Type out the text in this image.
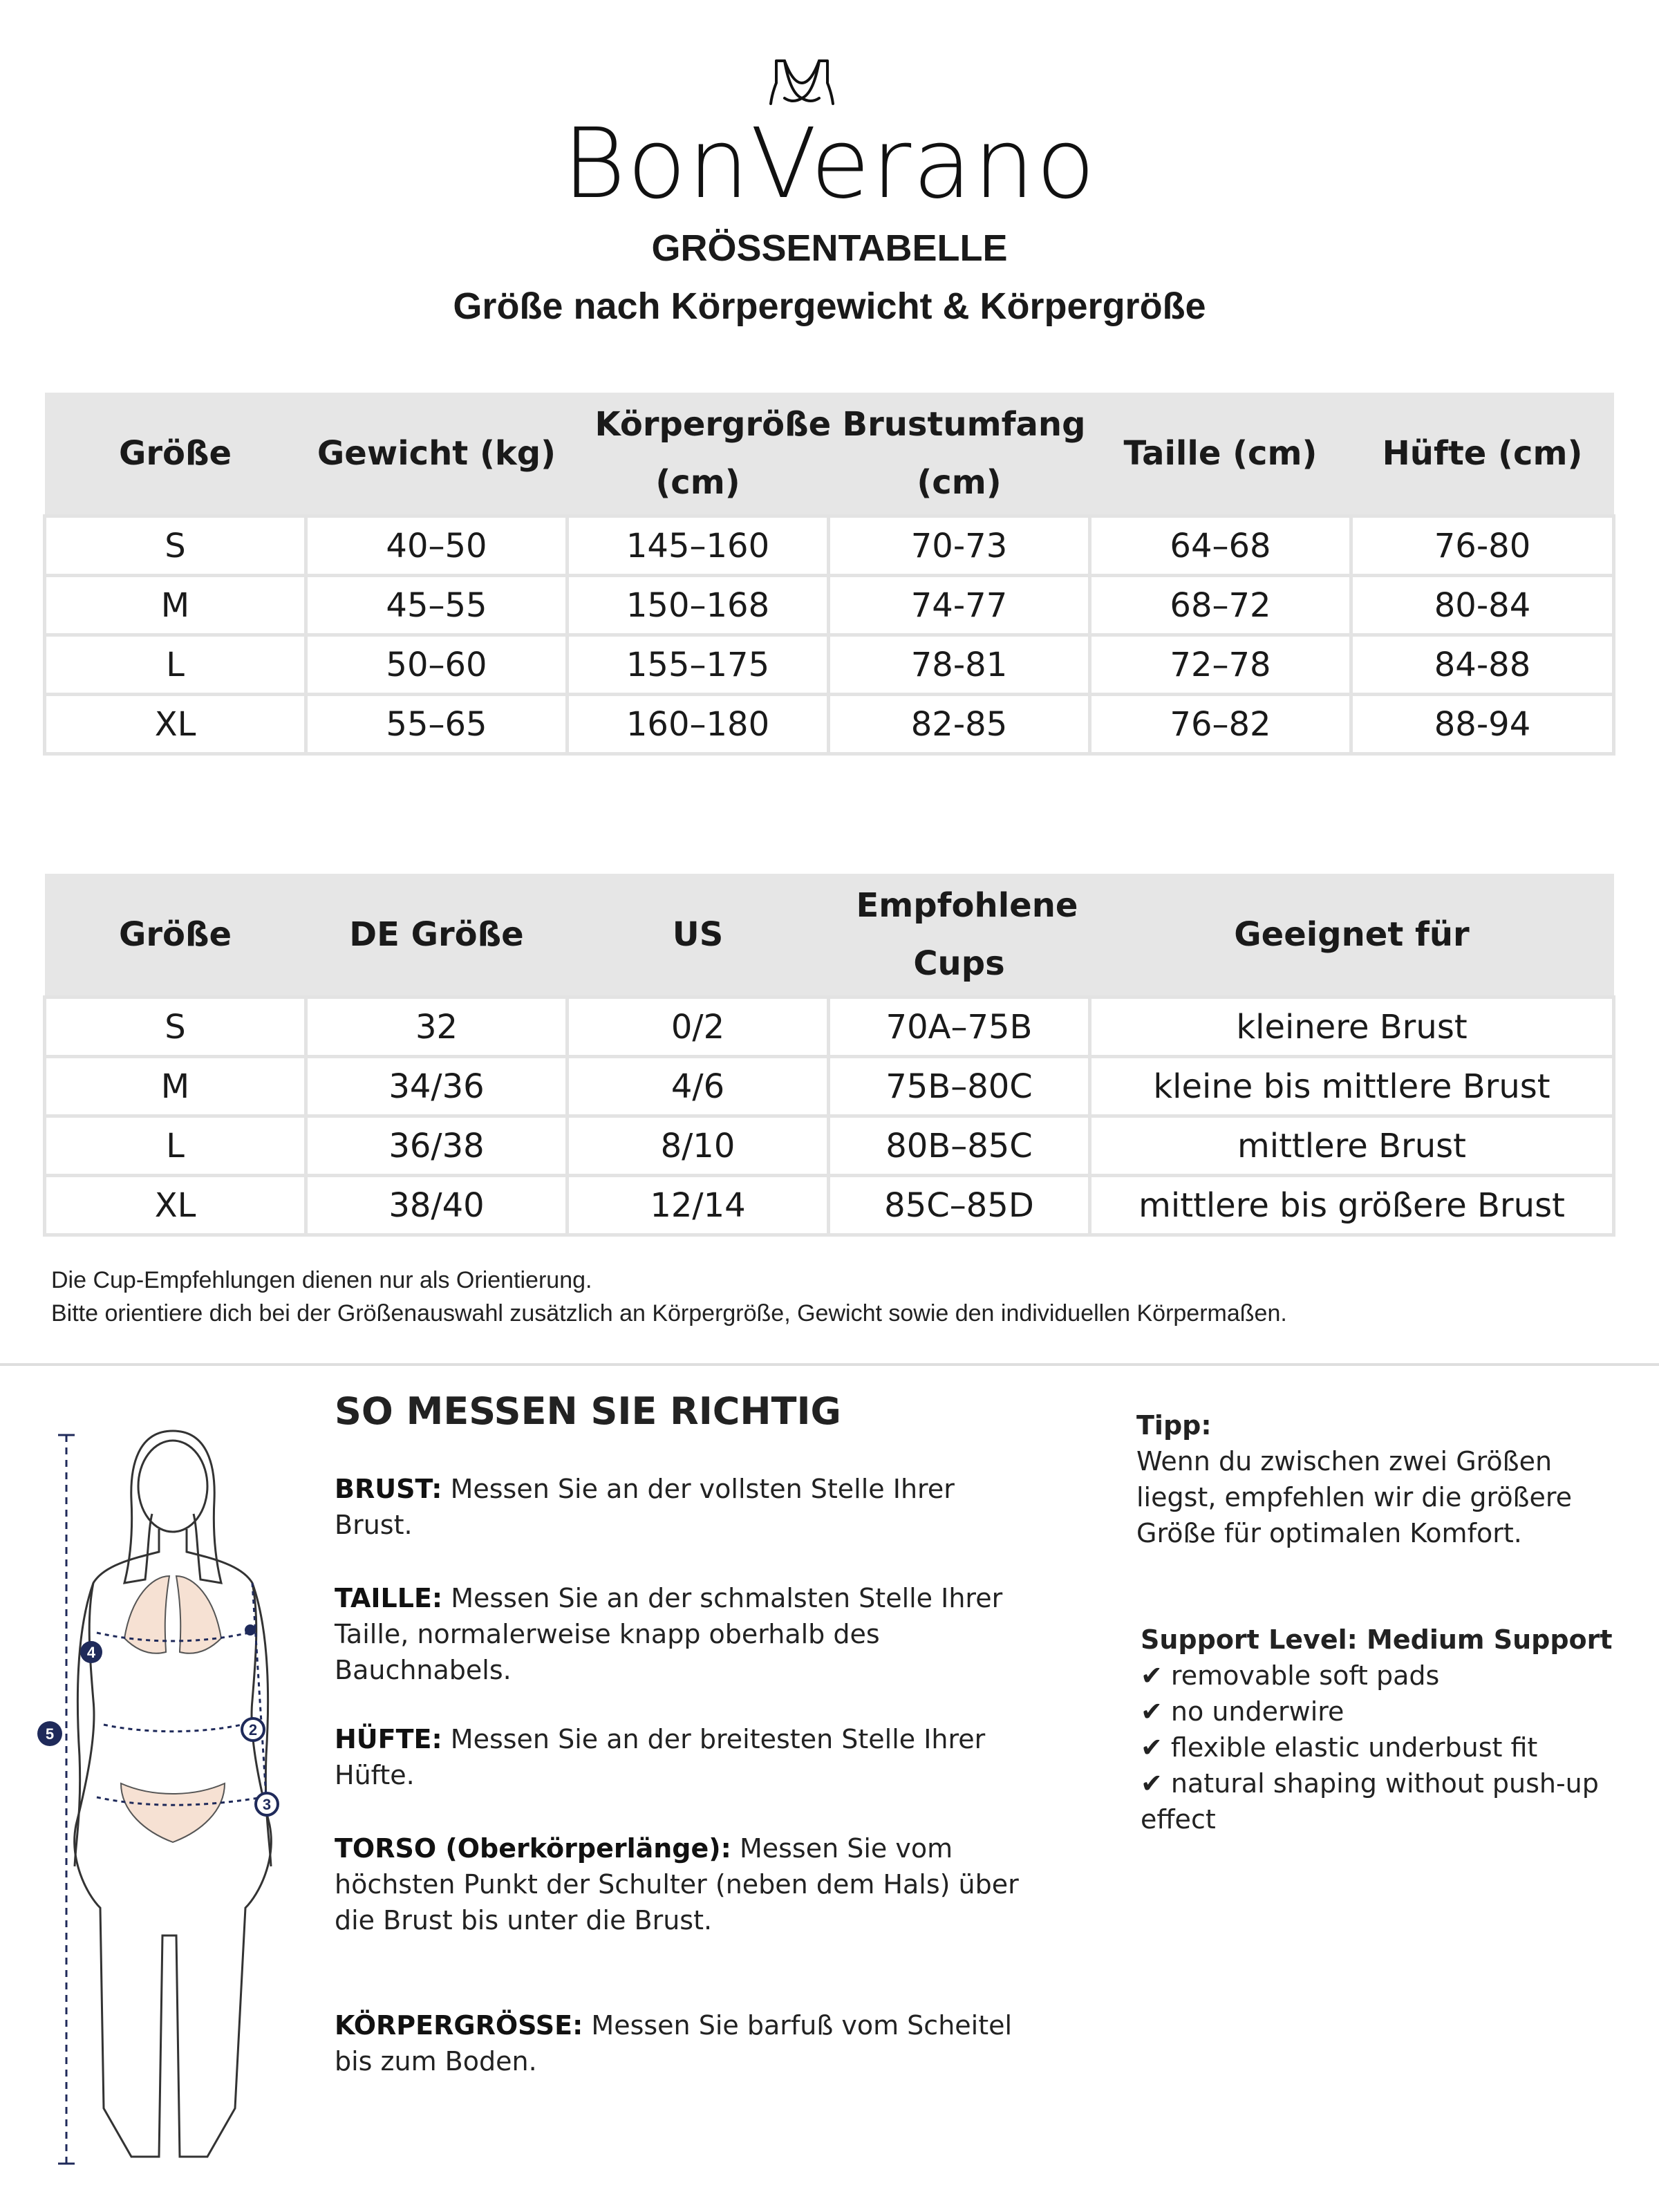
BonVerano
GRÖSSENTABELLE
Größe nach Körpergewicht & Körpergröße
Größe	Gewicht (kg)	Körpergröße (cm)	Brustumfang (cm)	Taille (cm)	Hüfte (cm)
S	40–50	145–160	70-73	64–68	76-80
M	45–55	150–168	74-77	68–72	80-84
L	50–60	155–175	78-81	72–78	84-88
XL	55–65	160–180	82-85	76–82	88-94
Größe	DE Größe	US	Empfohlene Cups	Geeignet für
S	32	0/2	70A–75B	kleinere Brust
M	34/36	4/6	75B–80C	kleine bis mittlere Brust
L	36/38	8/10	80B–85C	mittlere Brust
XL	38/40	12/14	85C–85D	mittlere bis größere Brust
Die Cup-Empfehlungen dienen nur als Orientierung.
Bitte orientiere dich bei der Größenauswahl zusätzlich an Körpergröße, Gewicht sowie den individuellen Körpermaßen.
4
2
3
5
1	SO MESSEN SIE RICHTIG
BRUST: Messen Sie an der vollsten Stelle Ihrer Brust.
TAILLE: Messen Sie an der schmalsten Stelle Ihrer Taille, normalerweise knapp oberhalb des Bauchnabels.
HÜFTE: Messen Sie an der breitesten Stelle Ihrer Hüfte.
TORSO (Oberkörperlänge): Messen Sie vom höchsten Punkt der Schulter (neben dem Hals) über die Brust bis unter die Brust.
KÖRPERGRÖSSE: Messen Sie barfuß vom Scheitel bis zum Boden.
Tipp:
Wenn du zwischen zwei Größen liegst, empfehlen wir die größere Größe für optimalen Komfort.
Support Level: Medium Support
✔ removable soft pads
✔ no underwire
✔ flexible elastic underbust fit
✔ natural shaping without push-up effect
